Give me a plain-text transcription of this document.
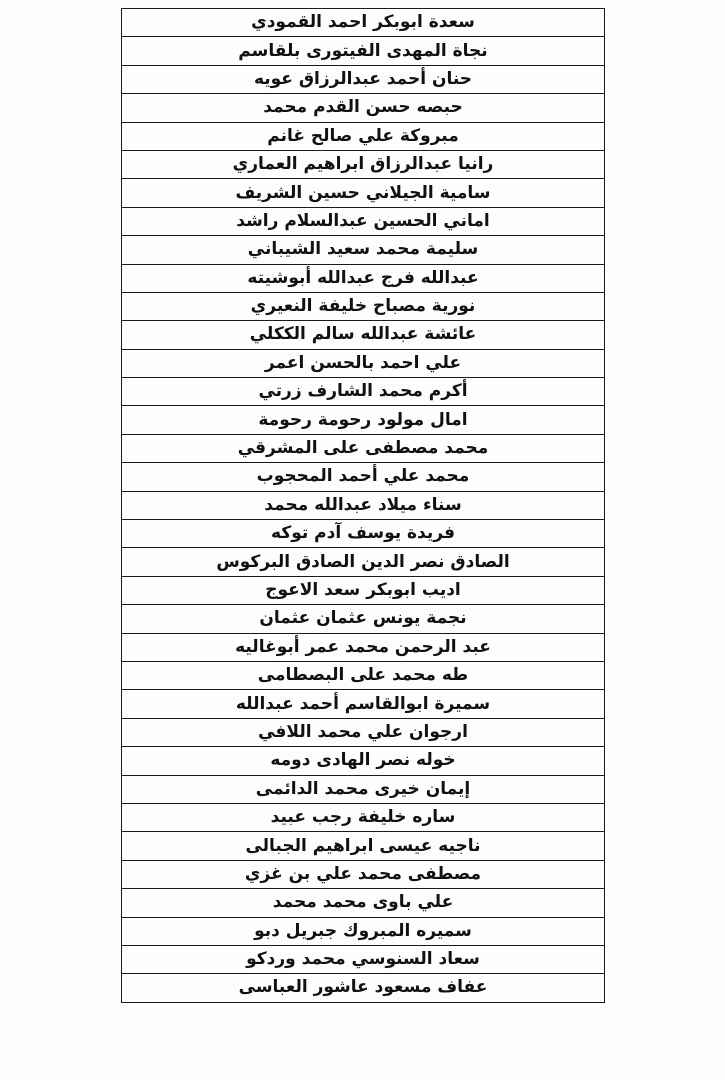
سعدة ابوبكر احمد القمودي
نجاة المهدى الفيتورى بلقاسم
حنان أحمد عبدالرزاق عويه
حبصه حسن القدم محمد
مبروكة علي صالح غانم
رانيا عبدالرزاق ابراهيم العماري
سامية الجيلاني حسين الشريف
اماني الحسين عبدالسلام راشد
سليمة محمد سعيد الشيباني
عبدالله فرج عبدالله أبوشيته
نورية مصباح خليفة النعيري
عائشة عبدالله سالم الككلي
علي احمد بالحسن اعمر
أكرم محمد الشارف زرتي
امال مولود رحومة رحومة
محمد مصطفى على المشرقي
محمد علي أحمد المحجوب
سناء ميلاد عبدالله محمد
فريدة يوسف آدم توكه
الصادق نصر الدين الصادق البركوس
اديب ابوبكر سعد الاعوج
نجمة يونس عثمان عثمان
عبد الرحمن محمد عمر أبوغاليه
طه محمد على البصطامى
سميرة ابوالقاسم أحمد عبدالله
ارجوان علي محمد اللافي
خوله نصر الهادى دومه
إيمان خيرى محمد الدائمى
ساره خليفة رجب عبيد
ناجيه عيسى ابراهيم الجبالى
مصطفى محمد علي بن غزي
علي باوى محمد محمد
سميره المبروك جبريل دبو
سعاد السنوسي محمد وردكو
عفاف مسعود عاشور العباسى
